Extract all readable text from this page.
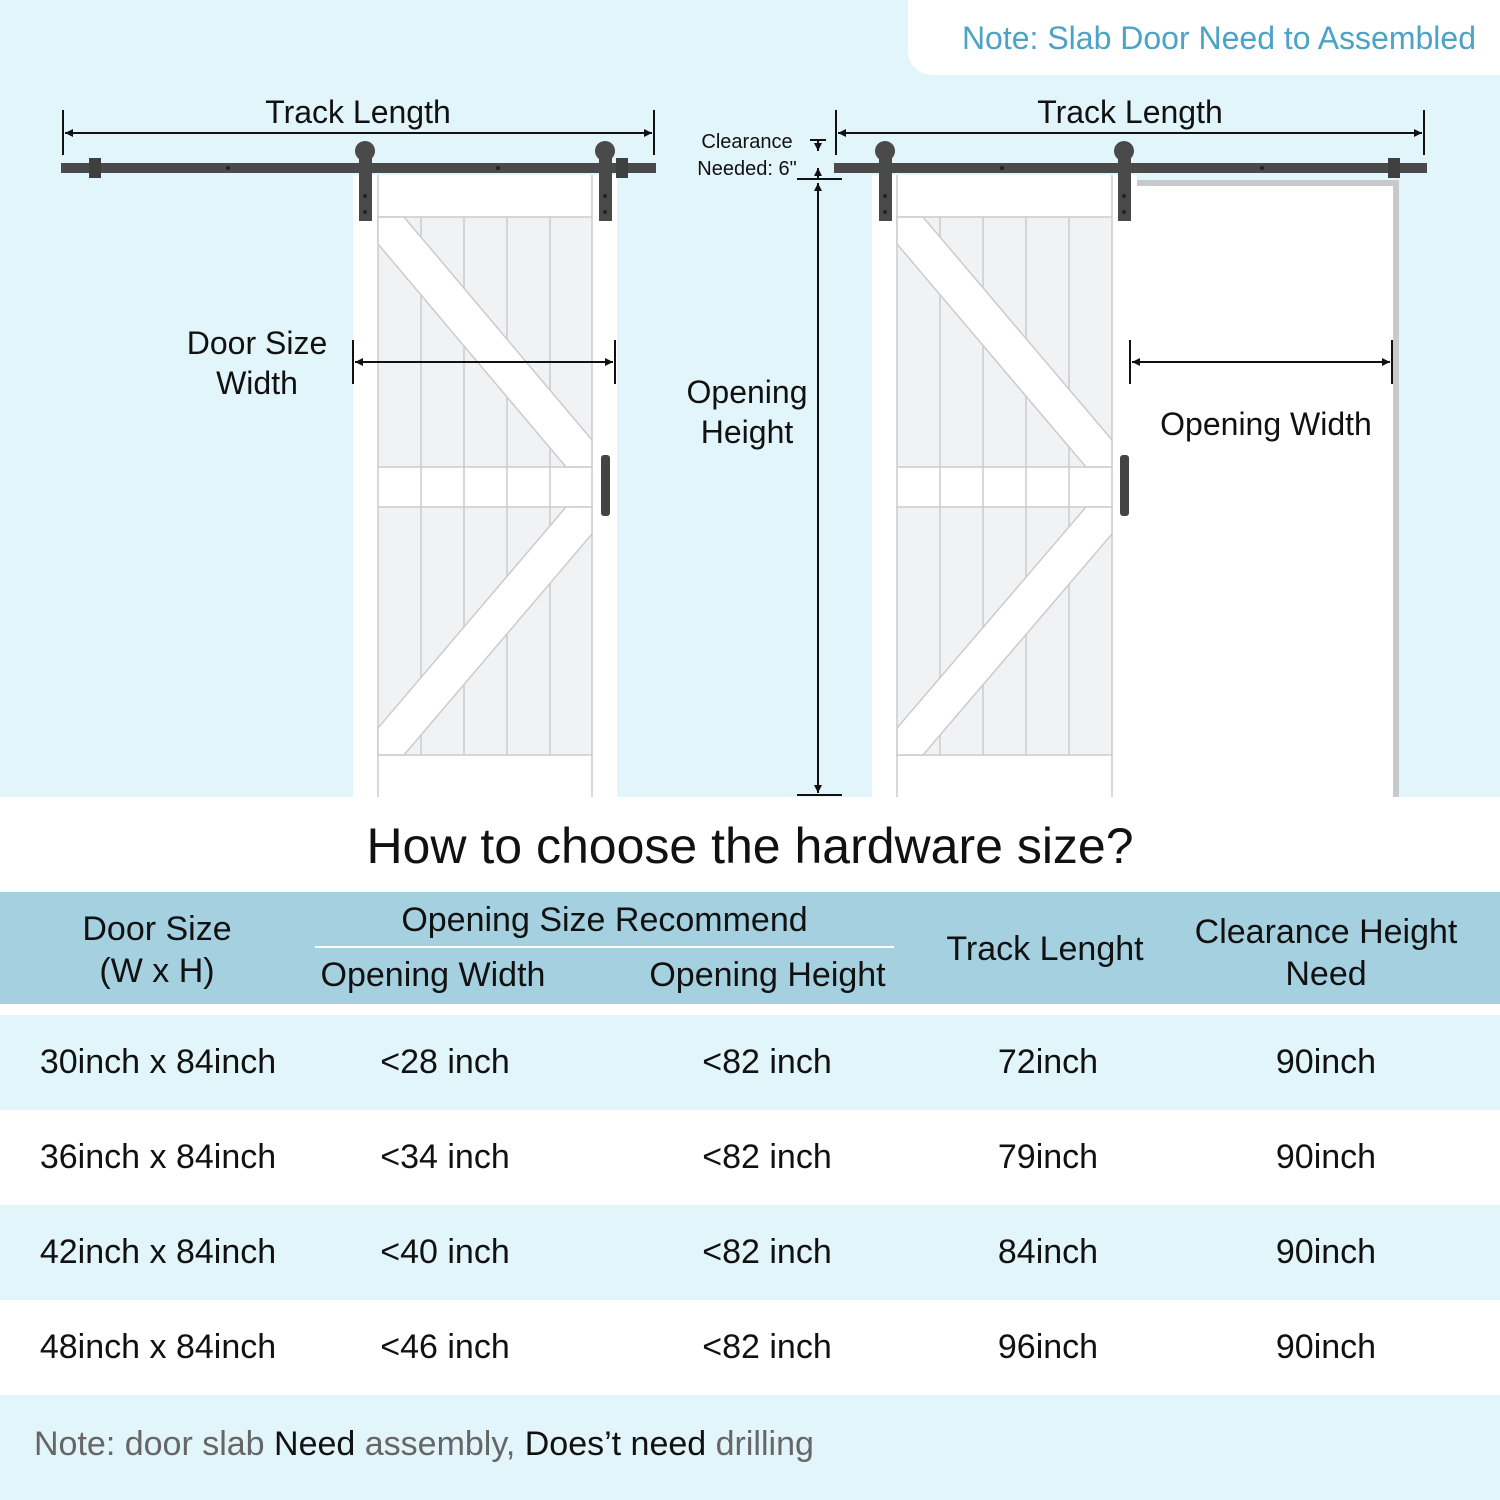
Note: Slab Door Need to Assembled
Track Length
Door Size Width
Track Length
Clearance
Needed: 6"
Opening Height	Opening Width
How to choose the hardware size?
Door Size
(W x H)
Opening Size Recommend
Opening Width	Opening Height
Track Lenght	Clearance Height
Need
30inch x 84inch	<28 inch	<82 inch	72inch	90inch
36inch x 84inch	<34 inch	<82 inch	79inch	90inch
42inch x 84inch	<40 inch	<82 inch	84inch	90inch
48inch x 84inch	<46 inch	<82 inch	96inch	90inch

Note: door slab Need assembly, Does’t need drilling
